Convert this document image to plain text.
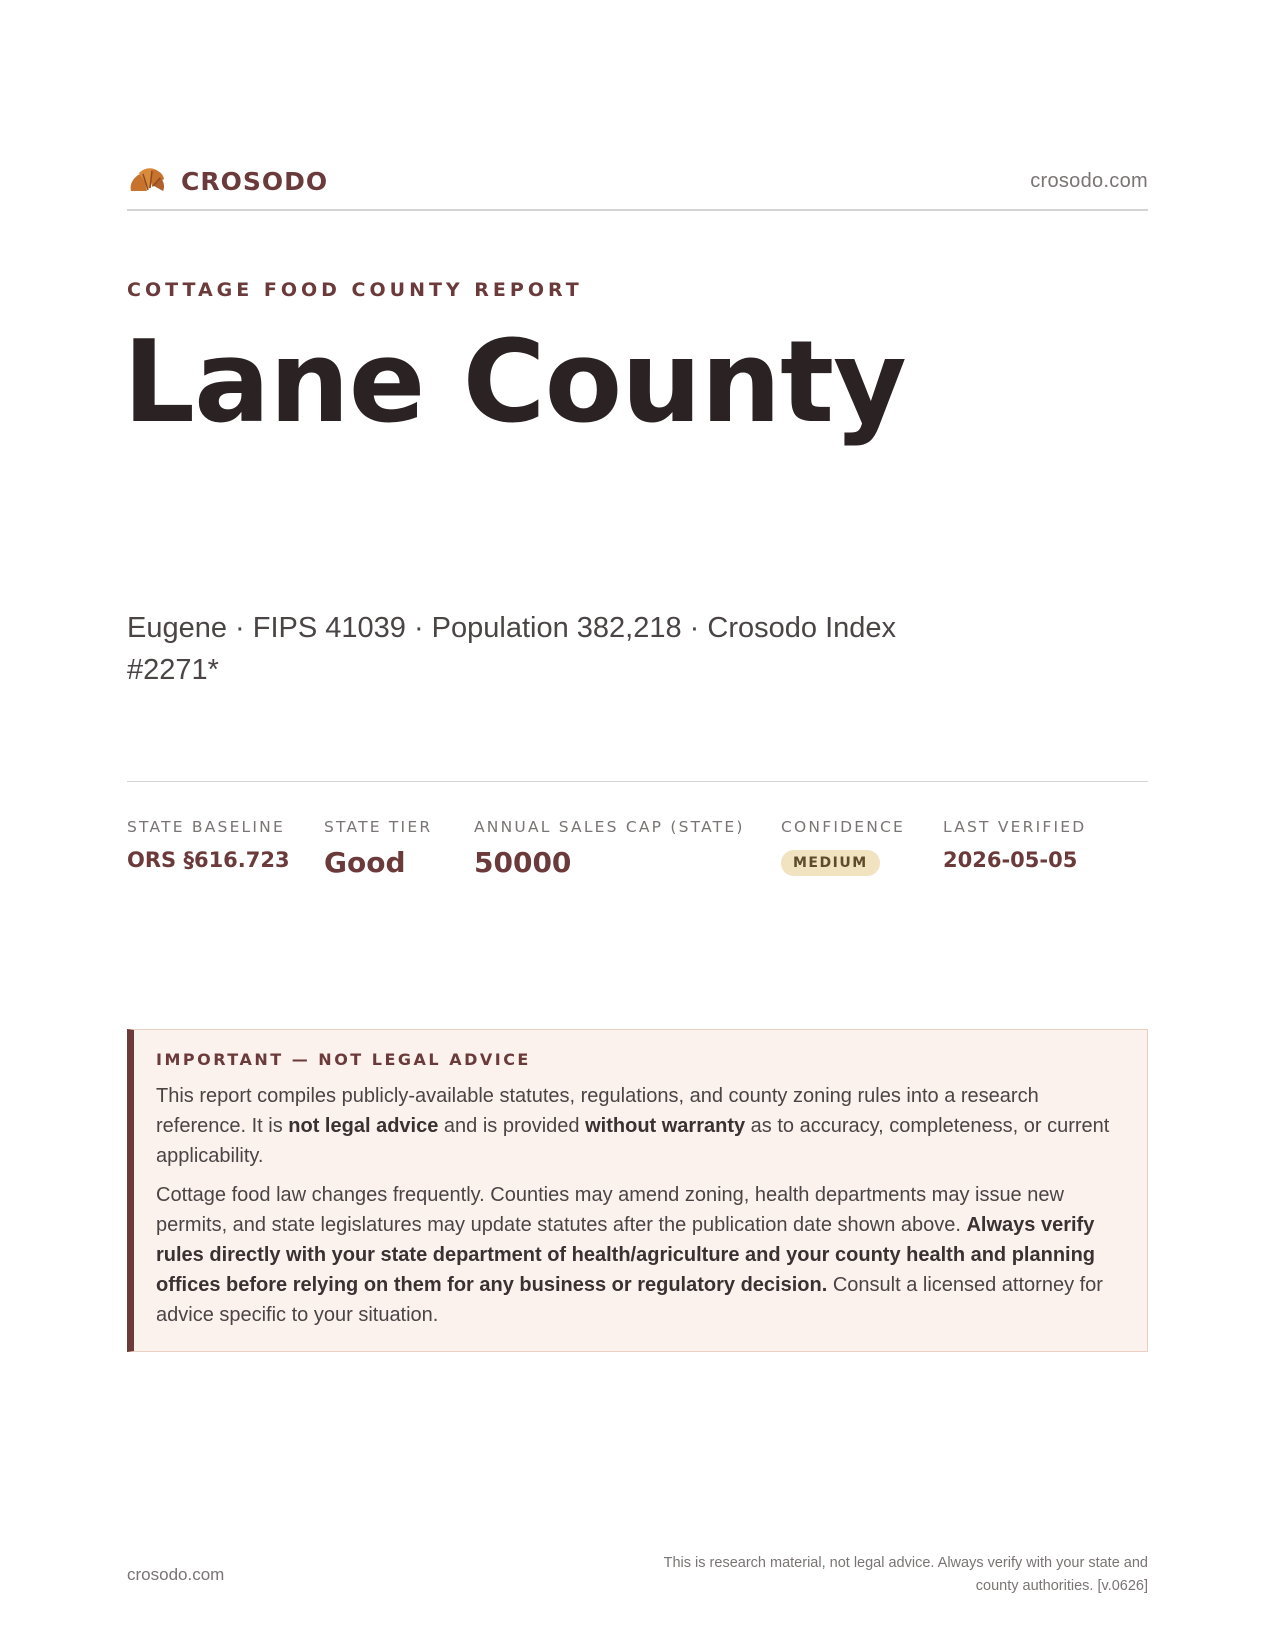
CROSODO	crosodo.com
COTTAGE FOOD COUNTY REPORT
Lane County
Eugene · FIPS 41039 · Population 382,218 · Crosodo Index #2271*
STATE BASELINE
ORS §616.723
STATE TIER
Good
ANNUAL SALES CAP (STATE)
50000
CONFIDENCE
MEDIUM
LAST VERIFIED
2026-05-05
IMPORTANT — NOT LEGAL ADVICE

This report compiles publicly-available statutes, regulations, and county zoning rules into a research reference. It is not legal advice and is provided without warranty as to accuracy, completeness, or current applicability.

Cottage food law changes frequently. Counties may amend zoning, health departments may issue new permits, and state legislatures may update statutes after the publication date shown above. Always verify rules directly with your state department of health/agriculture and your county health and planning offices before relying on them for any business or regulatory decision. Consult a licensed attorney for advice specific to your situation.

crosodo.com
This is research material, not legal advice. Always verify with your state and county authorities. [v.0626]
